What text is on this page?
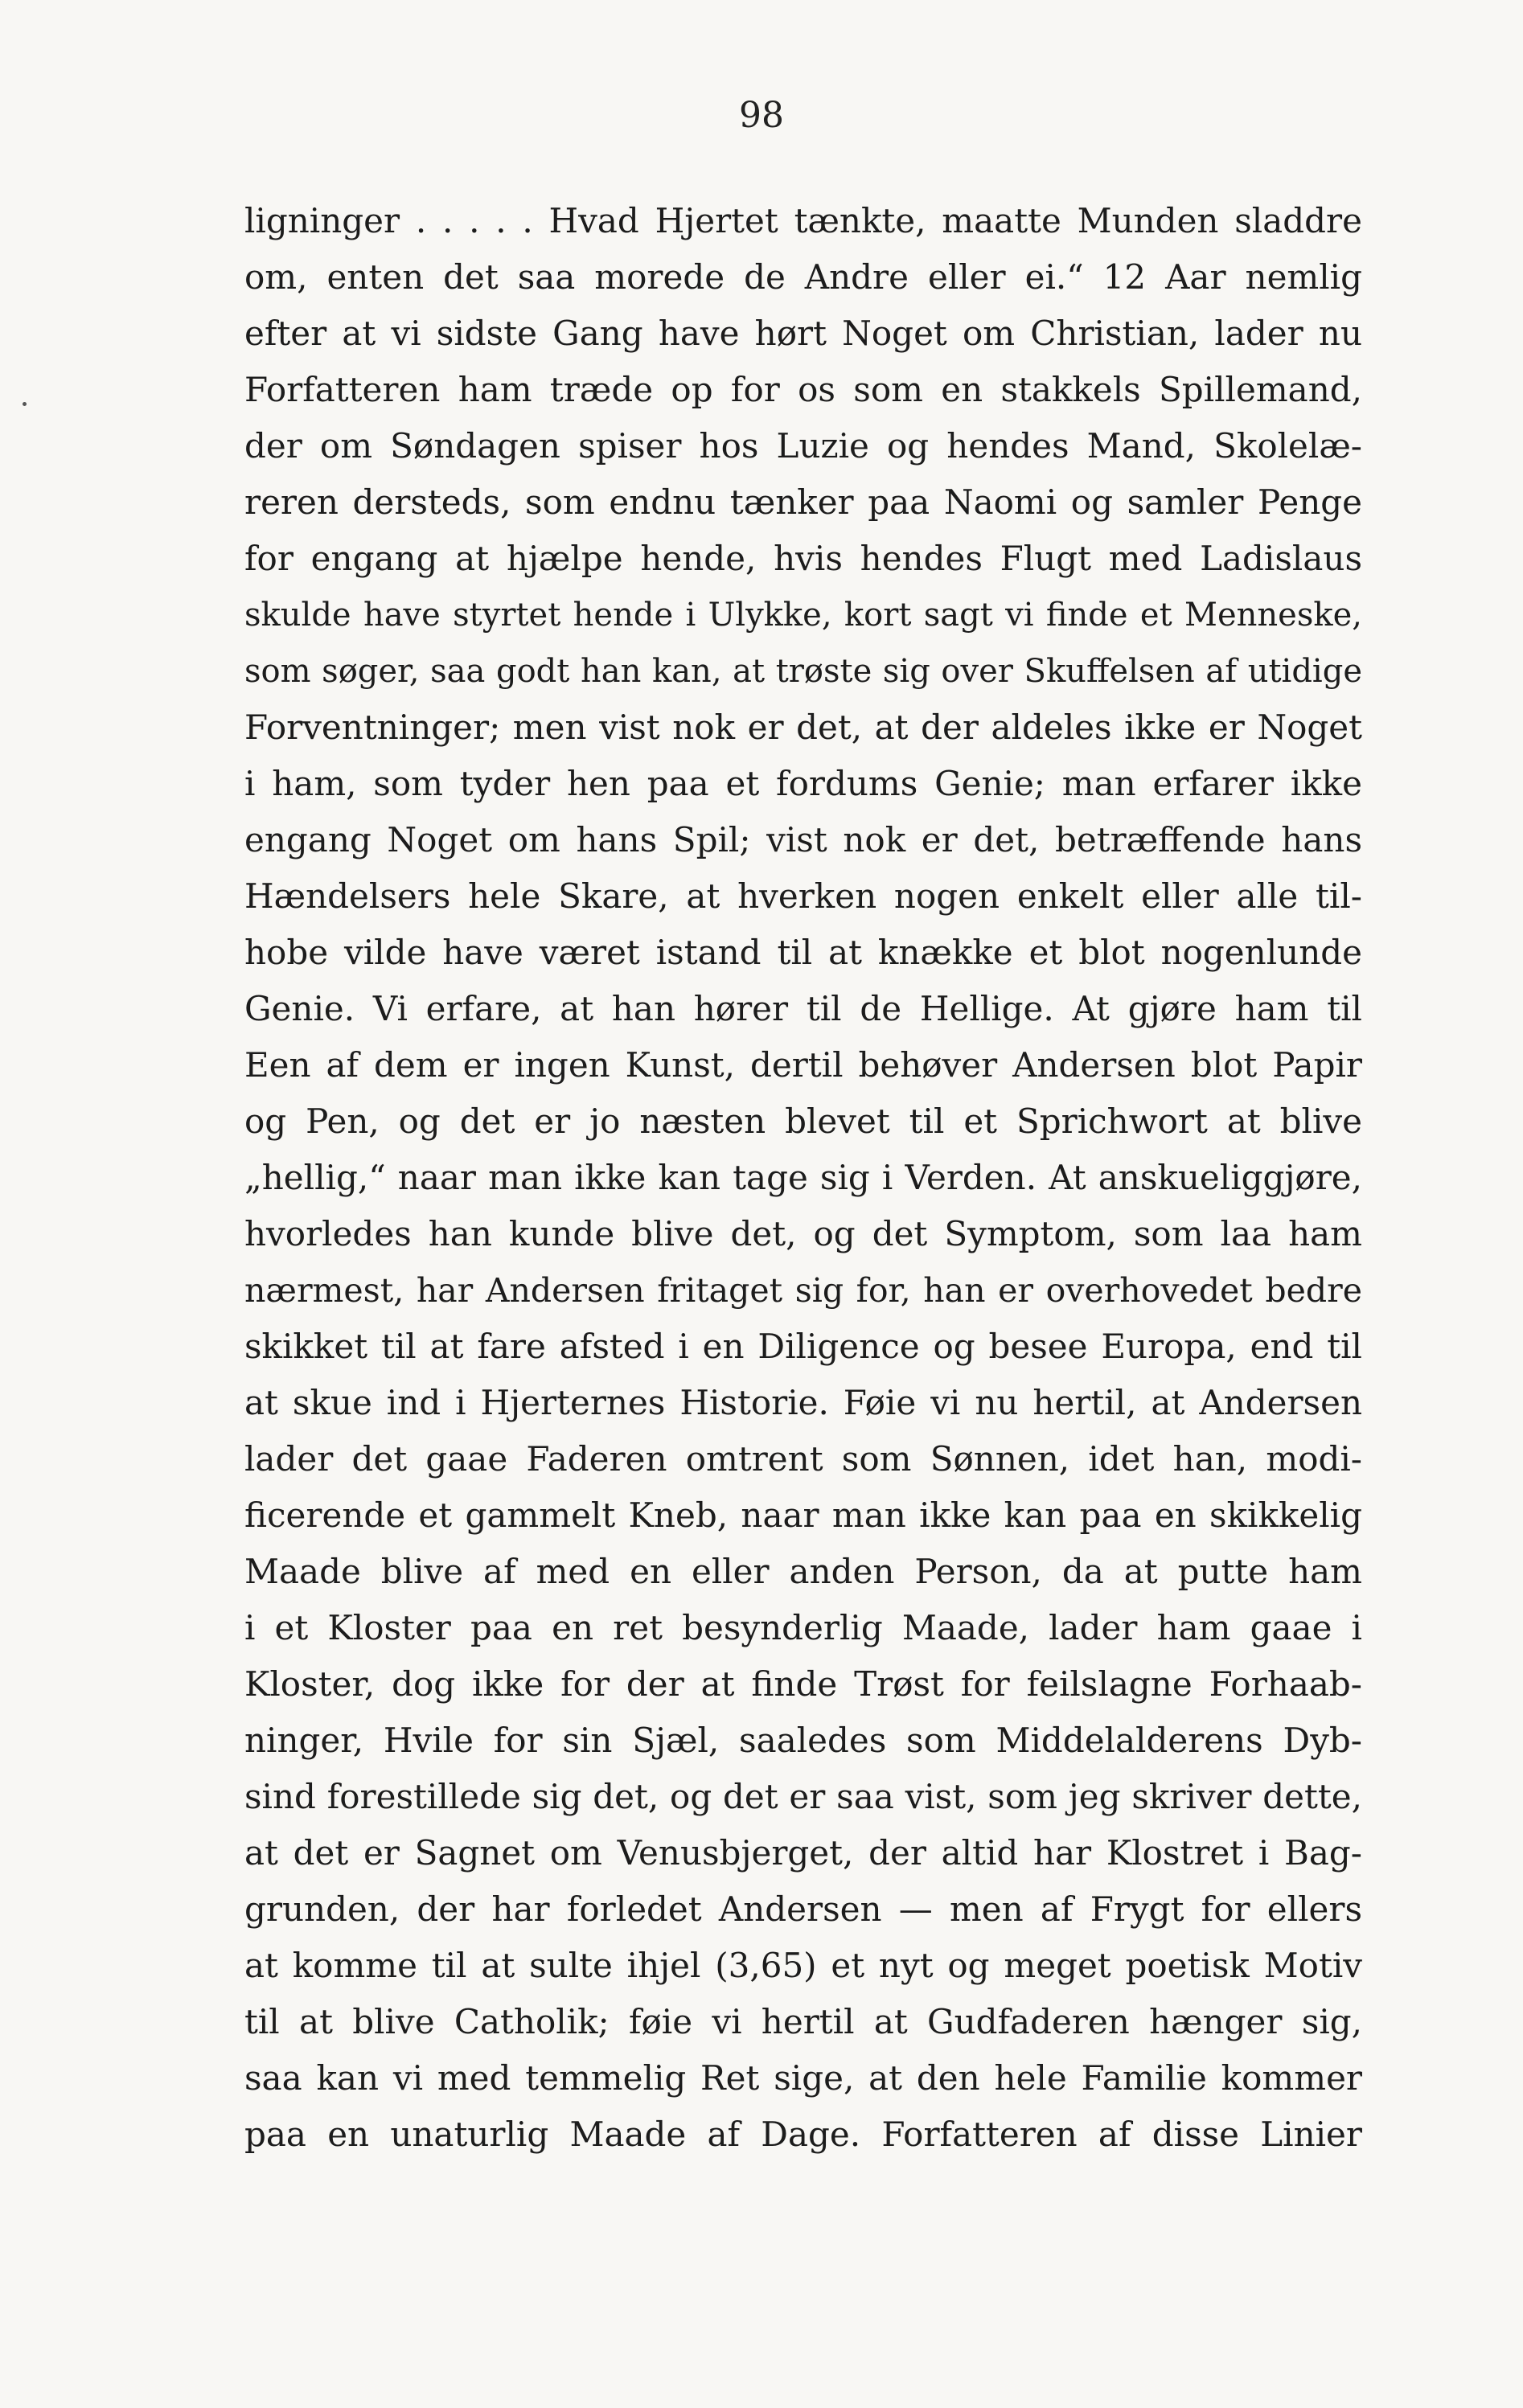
98
ligninger . . . . . Hvad Hjertet tænkte, maatte Munden sladdre
om, enten det saa morede de Andre eller ei.“ 12 Aar nemlig
efter at vi sidste Gang have hørt Noget om Christian, lader nu
Forfatteren ham træde op for os som en stakkels Spillemand,
der om Søndagen spiser hos Luzie og hendes Mand, Skolelæ-
reren dersteds, som endnu tænker paa Naomi og samler Penge
for engang at hjælpe hende, hvis hendes Flugt med Ladislaus
skulde have styrtet hende i Ulykke, kort sagt vi finde et Menneske,
som søger, saa godt han kan, at trøste sig over Skuffelsen af utidige
Forventninger; men vist nok er det, at der aldeles ikke er Noget
i ham, som tyder hen paa et fordums Genie; man erfarer ikke
engang Noget om hans Spil; vist nok er det, betræffende hans
Hændelsers hele Skare, at hverken nogen enkelt eller alle til-
hobe vilde have været istand til at knække et blot nogenlunde
Genie. Vi erfare, at han hører til de Hellige. At gjøre ham til
Een af dem er ingen Kunst, dertil behøver Andersen blot Papir
og Pen, og det er jo næsten blevet til et Sprichwort at blive
„hellig,“ naar man ikke kan tage sig i Verden. At anskueliggjøre,
hvorledes han kunde blive det, og det Symptom, som laa ham
nærmest, har Andersen fritaget sig for, han er overhovedet bedre
skikket til at fare afsted i en Diligence og besee Europa, end til
at skue ind i Hjerternes Historie. Føie vi nu hertil, at Andersen
lader det gaae Faderen omtrent som Sønnen, idet han, modi-
ficerende et gammelt Kneb, naar man ikke kan paa en skikkelig
Maade blive af med en eller anden Person, da at putte ham
i et Kloster paa en ret besynderlig Maade, lader ham gaae i
Kloster, dog ikke for der at finde Trøst for feilslagne Forhaab-
ninger, Hvile for sin Sjæl, saaledes som Middelalderens Dyb-
sind forestillede sig det, og det er saa vist, som jeg skriver dette,
at det er Sagnet om Venusbjerget, der altid har Klostret i Bag-
grunden, der har forledet Andersen — men af Frygt for ellers
at komme til at sulte ihjel (3,65) et nyt og meget poetisk Motiv
til at blive Catholik; føie vi hertil at Gudfaderen hænger sig,
saa kan vi med temmelig Ret sige, at den hele Familie kommer
paa en unaturlig Maade af Dage. Forfatteren af disse Linier
